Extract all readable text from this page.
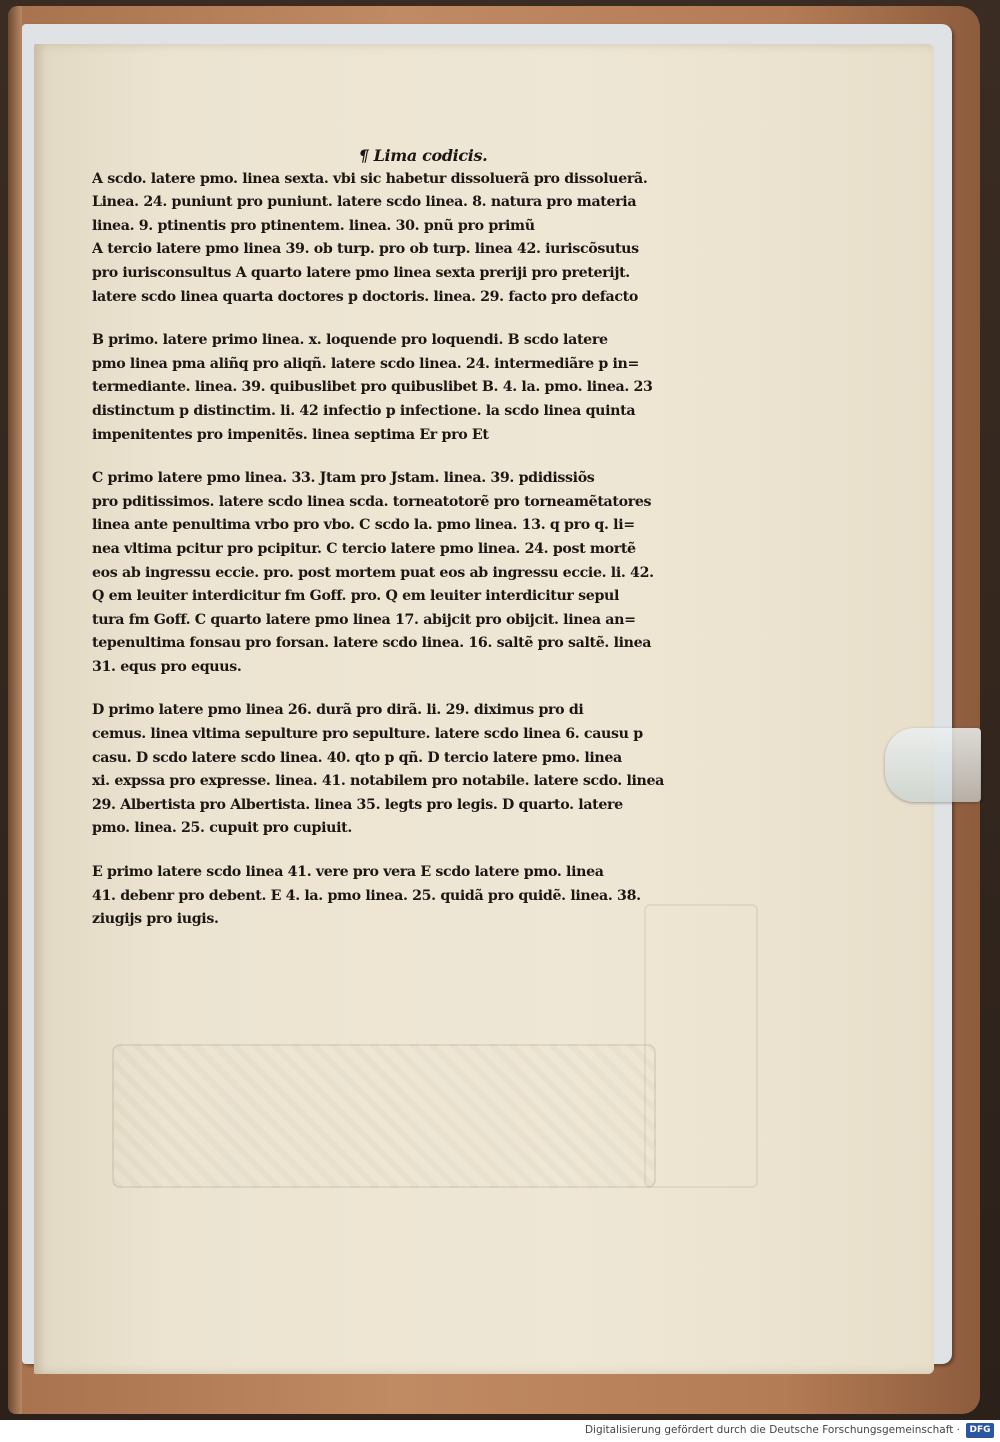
¶ Lima codicis.
A scdo. latere pmo. linea sexta. vbi sic habetur dissoluerã pro dissoluerã.
Linea. 24. puniunt pro puniunt. latere scdo linea. 8. natura pro materia
linea. 9. ptinentis pro ptinentem. linea. 30. pnũ pro primũ
A tercio latere pmo linea 39. ob turp. pro ob turp. linea 42. iuriscõsutus
pro iurisconsultus A quarto latere pmo linea sexta preriji pro preterijt.
latere scdo linea quarta doctores p doctoris. linea. 29. facto pro defacto
B primo. latere primo linea. x. loquende pro loquendi. B scdo latere
pmo linea pma aliñq pro aliqñ. latere scdo linea. 24. intermediãre p in=
termediante. linea. 39. quibuslibet pro quibuslibet B. 4. la. pmo. linea. 23
distinctum p distinctim. li. 42 infectio p infectione. la scdo linea quinta
impenitentes pro impenitẽs. linea septima Er pro Et
C primo latere pmo linea. 33. Jtam pro Jstam. linea. 39. pdidissiõs
pro pditissimos. latere scdo linea scda. torneatotorẽ pro torneamẽtatores
linea ante penultima vrbo pro vbo. C scdo la. pmo linea. 13. q pro q. li=
nea vltima pcitur pro pcipitur. C tercio latere pmo linea. 24. post mortẽ
eos ab ingressu eccie. pro. post mortem puat eos ab ingressu eccie. li. 42.
Q em leuiter interdicitur fm Goff. pro. Q em leuiter interdicitur sepul
tura fm Goff. C quarto latere pmo linea 17. abijcit pro obijcit. linea an=
tepenultima fonsau pro forsan. latere scdo linea. 16. saltẽ pro saltẽ. linea
31. equs pro equus.
D primo latere pmo linea 26. durã pro dirã. li. 29. diximus pro di
cemus. linea vltima sepulture pro sepulture. latere scdo linea 6. causu p
casu. D scdo latere scdo linea. 40. qto p qñ. D tercio latere pmo. linea
xi. expssa pro expresse. linea. 41. notabilem pro notabile. latere scdo. linea
29. Albertista pro Albertista. linea 35. legts pro legis. D quarto. latere
pmo. linea. 25. cupuit pro cupiuit.
E primo latere scdo linea 41. vere pro vera E scdo latere pmo. linea
41. debenr pro debent. E 4. la. pmo linea. 25. quidã pro quidẽ. linea. 38.
ziugijs pro iugis.
Digitalisierung gefördert durch die Deutsche Forschungsgemeinschaft ·	DFG
